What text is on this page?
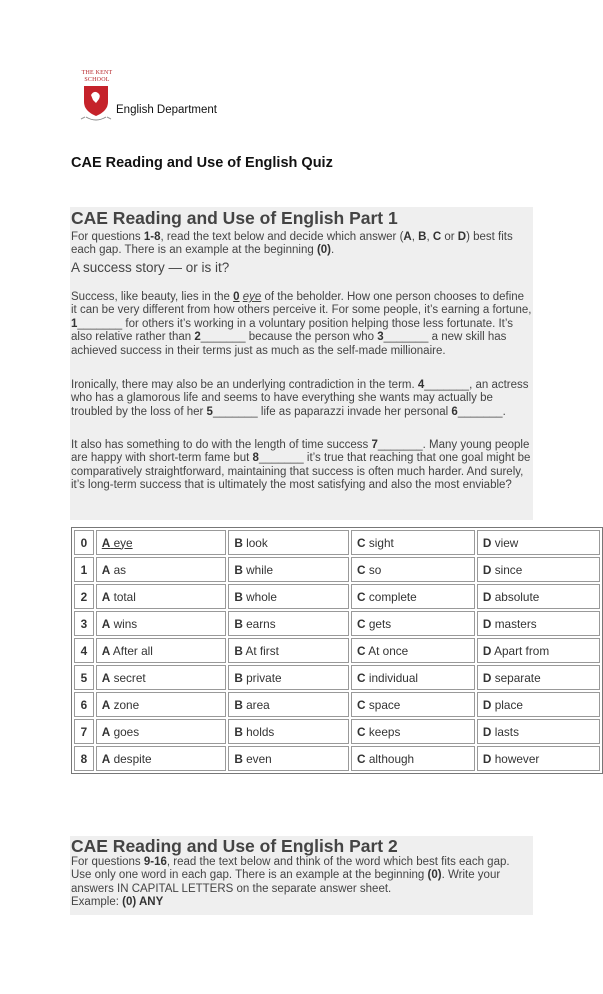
THE KENT SCHOOL
English Department
CAE Reading and Use of English Quiz
CAE Reading and Use of English Part 1
For questions 1-8, read the text below and decide which answer (A, B, C or D) best fits each gap. There is an example at the beginning (0).
A success story — or is it?
Success, like beauty, lies in the 0 eye of the beholder. How one person chooses to define it can be very different from how others perceive it. For some people, it’s earning a fortune, 1_______ for others it’s working in a voluntary position helping those less fortunate. It’s also relative rather than 2_______ because the person who 3_______ a new skill has achieved success in their terms just as much as the self-made millionaire.
Ironically, there may also be an underlying contradiction in the term. 4_______, an actress who has a glamorous life and seems to have everything she wants may actually be troubled by the loss of her 5_______ life as paparazzi invade her personal 6_______.
It also has something to do with the length of time success 7_______. Many young people are happy with short-term fame but 8_______ it’s true that reaching that one goal might be comparatively straightforward, maintaining that success is often much harder. And surely, it’s long-term success that is ultimately the most satisfying and also the most enviable?
0	A eye	B look	C sight	D view
1	A as	B while	C so	D since
2	A total	B whole	C complete	D absolute
3	A wins	B earns	C gets	D masters
4	A After all	B At first	C At once	D Apart from
5	A secret	B private	C individual	D separate
6	A zone	B area	C space	D place
7	A goes	B holds	C keeps	D lasts
8	A despite	B even	C although	D however
CAE Reading and Use of English Part 2
For questions 9-16, read the text below and think of the word which best fits each gap. Use only one word in each gap. There is an example at the beginning (0). Write your answers IN CAPITAL LETTERS on the separate answer sheet.
Example: (0) ANY
